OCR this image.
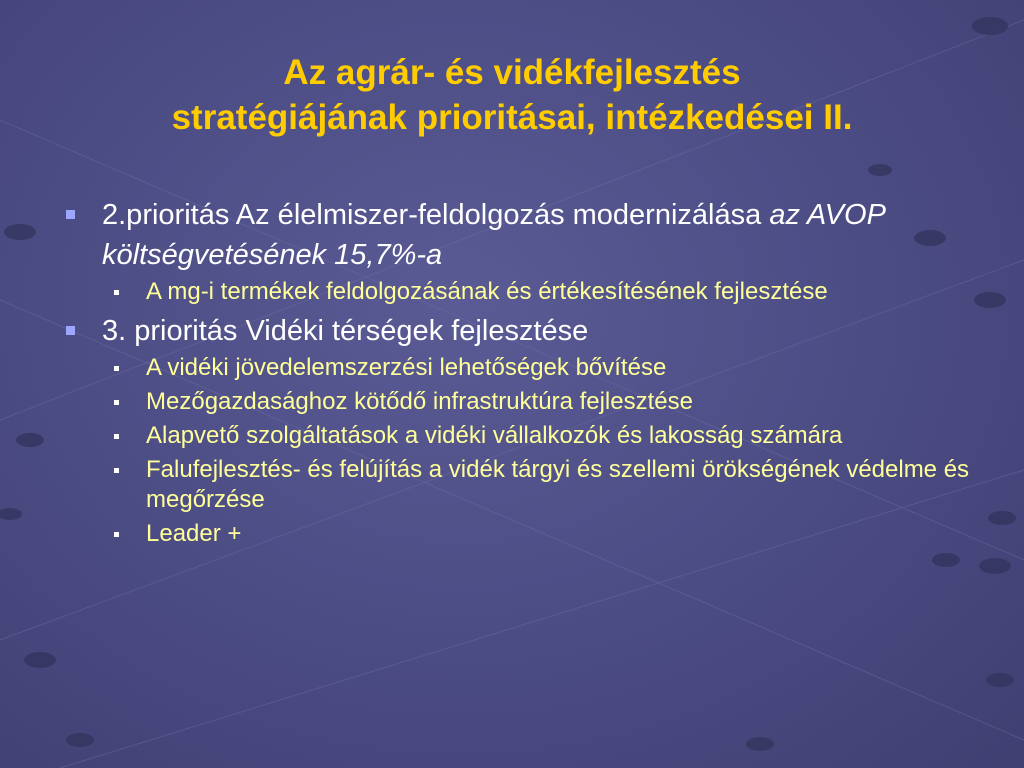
Az agrár- és vidékfejlesztés
stratégiájának prioritásai, intézkedései II.
2.prioritás Az élelmiszer-feldolgozás modernizálása az AVOP költségvetésének 15,7%-a
A mg-i termékek feldolgozásának és értékesítésének fejlesztése
3. prioritás Vidéki térségek fejlesztése
A vidéki jövedelemszerzési lehetőségek bővítése
Mezőgazdasághoz kötődő infrastruktúra fejlesztése
Alapvető szolgáltatások a vidéki vállalkozók és lakosság számára
Falufejlesztés- és felújítás a vidék tárgyi és szellemi örökségének védelme és megőrzése
Leader +
